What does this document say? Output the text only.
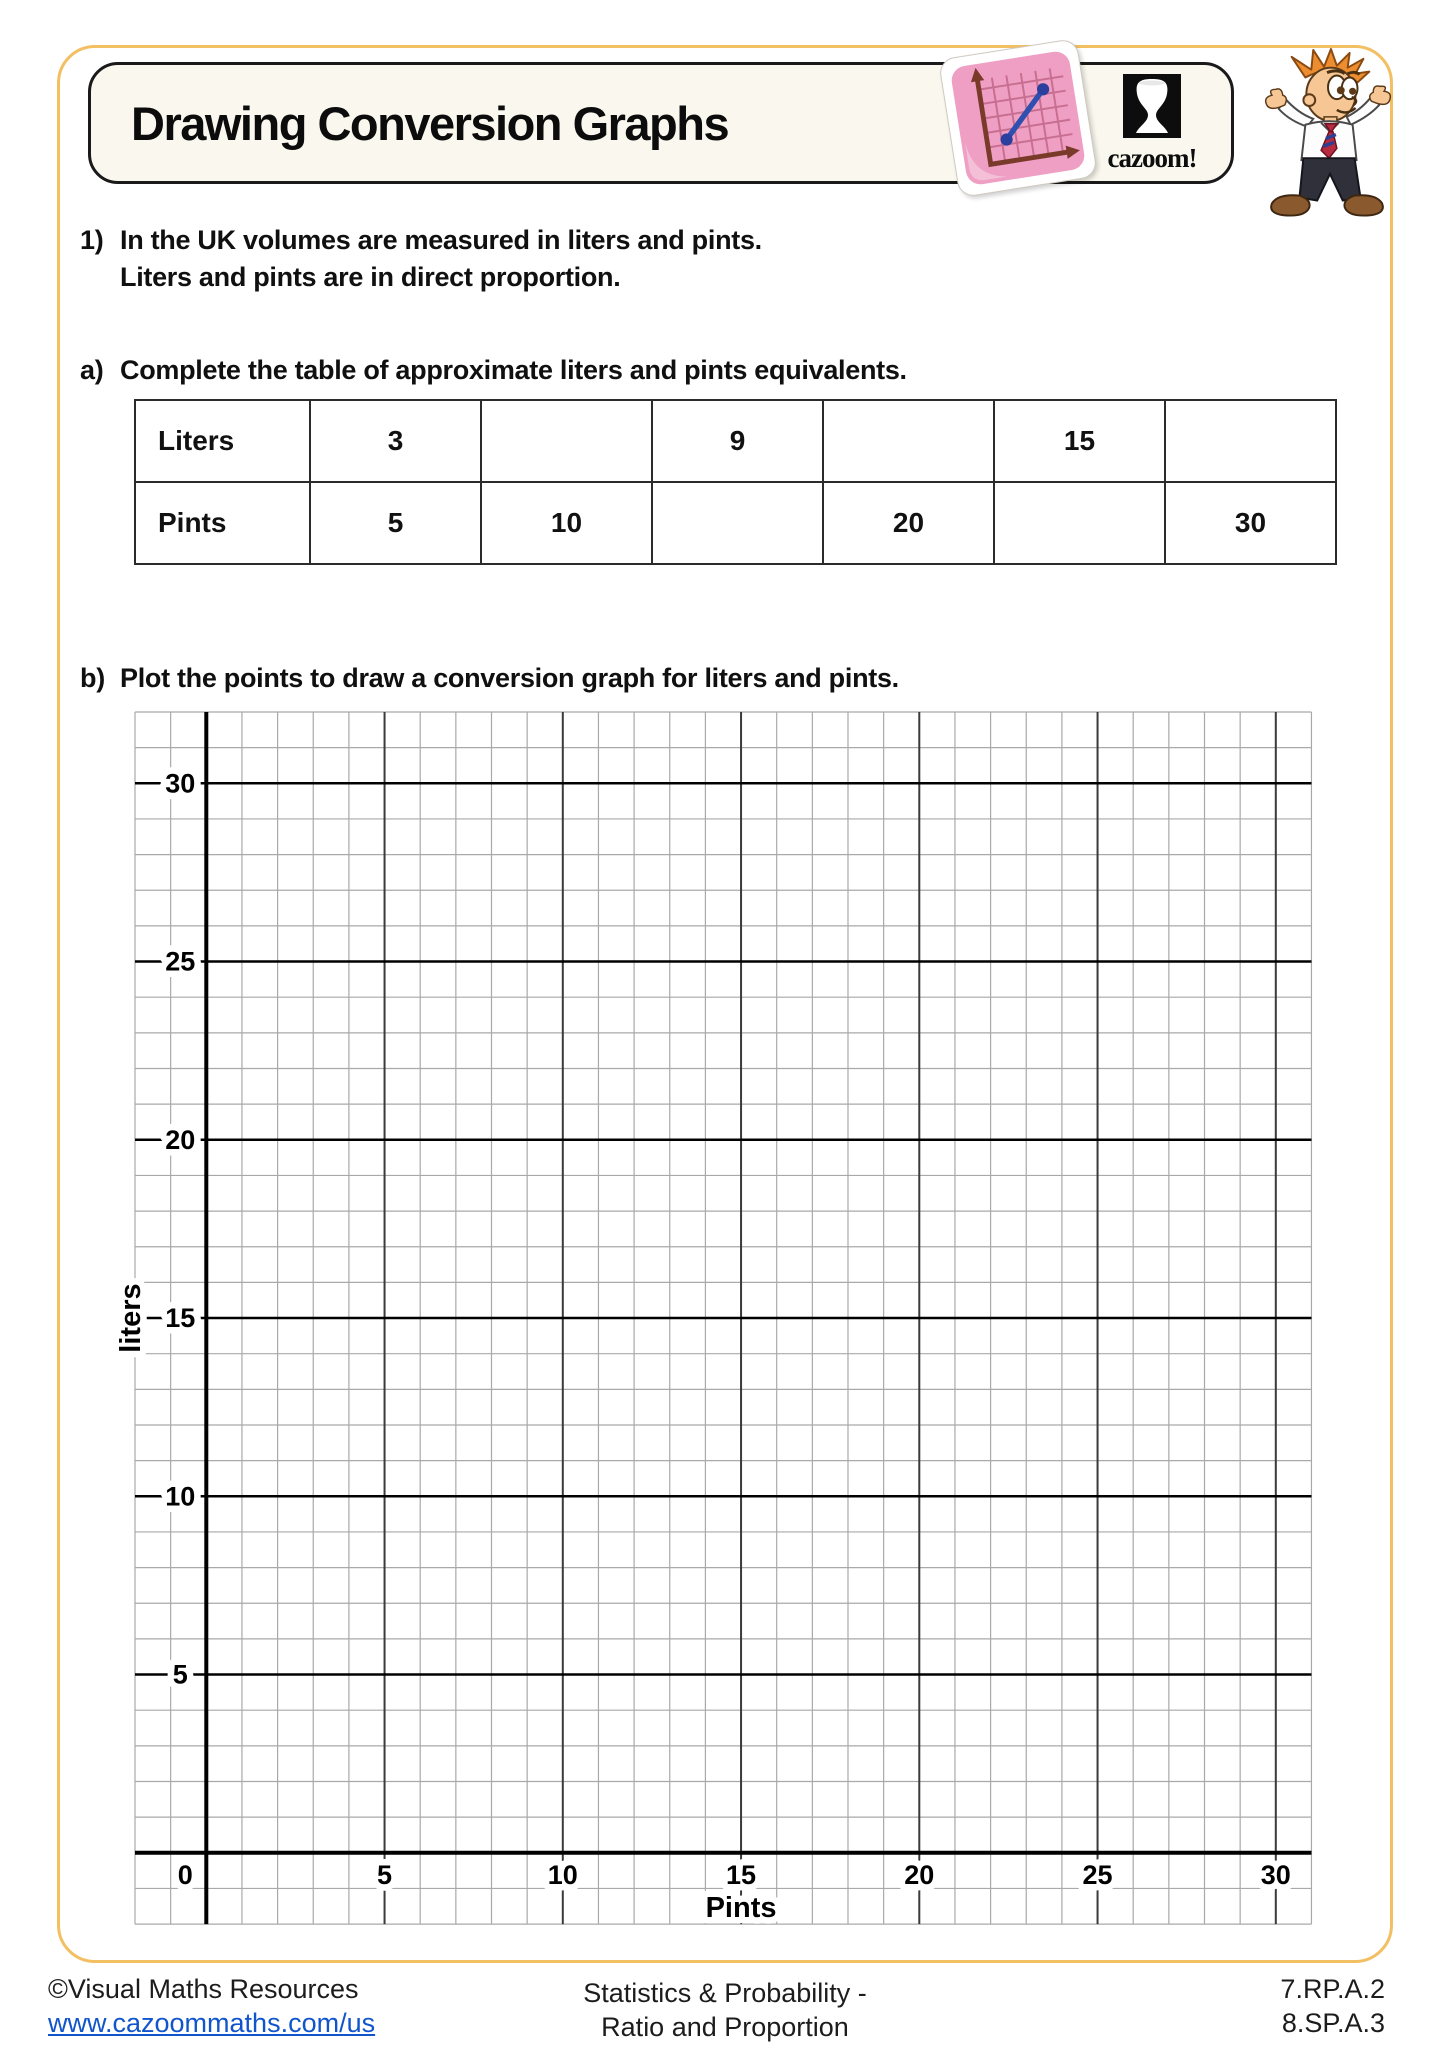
Drawing Conversion Graphs
cazoom!
1) In the UK volumes are measured in liters and pints.
Liters and pints are in direct proportion.
a) Complete the table of approximate liters and pints equivalents.
Liters	3		9		15	
Pints	5	10		20		30
b) Plot the points to draw a conversion graph for liters and pints.
5
10
15
20
25
30
0	5	10	15	20	25	30
Pints
liters
©Visual Maths Resources
www.cazoommaths.com/us
Statistics & Probability -
Ratio and Proportion
7.RP.A.2
8.SP.A.3
